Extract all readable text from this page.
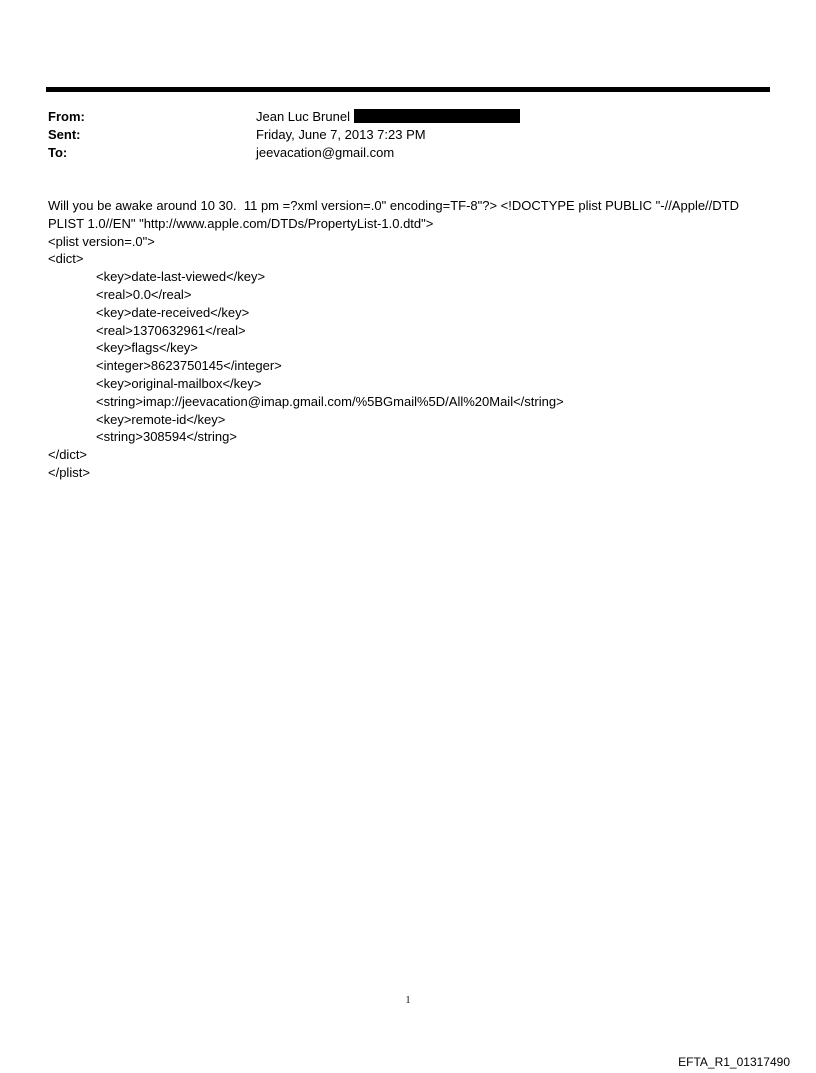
From:	Jean Luc Brunel
Sent:	Friday, June 7, 2013 7:23 PM
To:	jeevacation@gmail.com
Will you be awake around 10 30.  11 pm =?xml version=.0" encoding=TF-8"?> <!DOCTYPE plist PUBLIC "-//Apple//DTD
PLIST 1.0//EN" "http://www.apple.com/DTDs/PropertyList-1.0.dtd">
<plist version=.0">
<dict>
<key>date-last-viewed</key>
<real>0.0</real>
<key>date-received</key>
<real>1370632961</real>
<key>flags</key>
<integer>8623750145</integer>
<key>original-mailbox</key>
<string>imap://jeevacation@imap.gmail.com/%5BGmail%5D/All%20Mail</string>
<key>remote-id</key>
<string>308594</string>
</dict>
</plist>
1
EFTA_R1_01317490
